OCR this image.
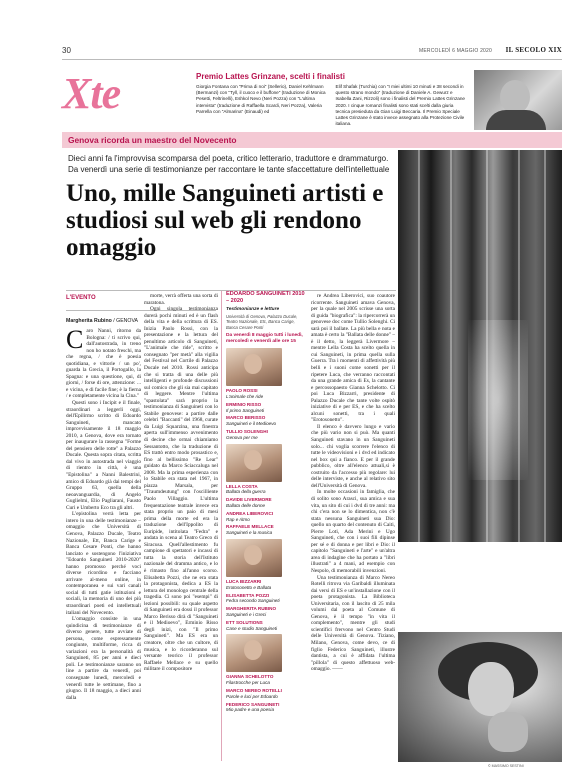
30	MERCOLEDÌ 6 MAGGIO 2020 IL SECOLO XIX
Xte	Premio Lattes Grinzane, scelti i finalisti
Giorgia Fontana con "Prima di noi" (Sellerio), Daniel Kehlmann (Bermanzi) con "Tyll, il cuoco e il buffone" (traduzione di Monica Pesetti, Feltrinelli), Eshkol Nevo (Neri Pozza) con "L'ultima intervista" (traduzione di Raffaella Scardi, Neri Pozza), Valeria Parrella con "Almarina" (Einaudi) ed
Elif Shafak (Turchia) con "I miei ultimi 10 minuti e 38 secondi in questo strano mondo" (traduzione di Daniele A. Gewurz e Isabella Zani, Rizzoli) sono i finalisti del Premio Lattes Grinzane 2020. I cinque romanzi finalisti sono stati scelti dalla giuria tecnica presieduta da Gian Luigi Beccaria. Il Premio Speciale Lattes Grinzane è stato invece assegnato alla Protezione Civile italiana.
Genova ricorda un maestro del Novecento
Dieci anni fa l'improvvisa scomparsa del poeta, critico letterario, traduttore e drammaturgo. Da venerdì una serie di testimonianze per raccontare le tante sfaccettature dell'intellettuale
Uno, mille Sanguineti artisti e studiosi sul web gli rendono omaggio
L'EVENTO
Margherita Rubino / GENOVA
C aro Nanni, ritorno da Bologna: / ti scrivo qui, dall'autostrada, in treno non ho notato freschi, ma che regna, / che è poesia quotidiana, e vittorie / un po', guarda la Grecia, il Portogallo, la Spagna: e una questione, qui, di giorni, / forse di ore, attenzione: ... e vicina, e di facile fine; è la fierna / e completamente vicina la Cina."

Questi sono i Incipit e il finale, straordinari a leggerli oggi, dell'Epilirmo scritto di Edoardo Sanguineti, mancato improvvisamente il 18 maggio 2010, a Genova, dove era tornato per inaugurare la rassegna "Forme del pensiero delle rotte" a Palazzo Ducale. Questa sopra citata, scritta dal vivo in autostrada nel viaggio di rientro in città, è una "Epistolina" a Nanni Balestrini, amico di Edoardo già dai tempi del Gruppo 63, quella della neoavanguardia, di Angelo Guglielmi, Elio Pagliarani, Fausto Curi e Umberto Eco tra gli altri.

L'epistolina verrà letta per intero in una delle testimonianze – omaggio che Università di Genova, Palazzo Ducale, Teatro Nazionale, Ett, Banca Carige e Banca Cesare Ponti, che hanno lanciato e sostengono l'iniziativa "Edoardo Sanguineti 2010-2020" hanno promosso perché voci diverse ricordino e facciano arrivare al-meno online, in contemporanea e sui vari canali social di tutti gatie istituzioni e sociali, la memoria di uno dei più straordinari poeti ed intellettuali italiani del Novecento.

L'omaggio consiste in una quindicina di testimonianze di diverso genere, tutte avviate di persona, come espressamente congiunte, multiforme, ricca di variazioni era la personalità di Sanguineti, 85 per anni e dieci poli. Le testimonianze saranno on line a partire da venerdì, poi consegnate lunedì, mercoledì e venerdì tutte le settimane, fino a giugno. Il 18 maggio, a dieci anni dalla

morte, verrà offerta una sorta di maratona.

Ogni singola testimonianza durerà pochi minuti ed è un flash della vita e della scrittura di ES. Inizia Paolo Rossi, con la presentazione e la lettura del penultimo articolo di Sanguineti, "L'animale che ride", scritto e consegnato "per metà" alla vigilia del Festival nel Cortile di Palazzo Ducale nel 2010. Rossi anticipa che si tratta di una delle più intelligenti e profonde discussioni sul comico che gli sia mai capitato di leggere. Mentre l'ultima "spastolata" sarà proprio la testimonianza di Sanguineti con lo Stabile genovese: a partire dalle celebri "Baccanti" del 1968, curate da Luigi Squarzina, una finestra aperta sull'immenso avvenimento di decine che ormai chiamiamo Sessantotto, che la traduzione di ES trattò entro modo prosastico e, fino al bellissimo "Re Lear" guidato da Marco Sciaccaluga nel 2008. Ma la prima esperienza con lo Stabile era stata nel 1967, in piazza Marsala, per "Traumdeutung" con l'oscilliente Paolo Villaggio. L'ultima frequentazione teatrale invece era stata proprio un paio di mesi prima della morte ed era la traduzione dell'Ippolito di Euripide, intitolata "Fedra" e andata in scena al Teatro Greco di Siracusa. Quell'allestimento fu campione di spettatori e incassi di tutta la storia dell'Istituto nazionale del dramma antico, e lo è rimasto fino all'anno scorso. Elisabetta Pozzi, che ne era stata la protagonista, dedica a ES la lettura del monologo centrale della tragedia. Ci sono poi "esempi" di lezioni possibili: su quale aspetto di Sanguineti era dossi il professor Marco Berisso dirà di "Sanguineti e il Medioevo", Erminio Risso degli inizi, con "Il primo Sanguineti". Ma ES era un creatore, oltre che un cultore, di musica, e lo ricorderanno sul versante teorico il professor Raffaele Mellace e su quello militare il compositore

EDOARDO SANGUINETI 2010 – 2020
Testimonianze e letture
Università di Genova, Palazzo Ducale, Teatro Nazionale, Etc, Banca Carige, Banca Cesare Ponti
Da venerdì 8 maggio tutti i lunedì, mercoledì e venerdì alle ore 15
PAOLO ROSSI
L'animale che ride
ERMINIO RISSO
Il primo Sanguineti
MARCO BERISSO
Sanguineti e il Medioevo
TULLIO SOLENGHI
Genova per me
LELLA COSTA
Ballata della guerra
DAVIDE LIVERMORE
Ballata delle donne
ANDREA LIBEROVICI
Rap e ritmo
RAFFAELE MELLACE
Sanguineti e la musica
LUCA BIZZARRI
Erotosonetto e Ballata
ELISABETTA POZZI
Fedra secondo Sanguineti
MARGHERITA RUBINO
Sanguineti e i Greci
ETT SOLUTIONS
Case e studio Sanguineti
GIANNA SCHELOTTO
Filastrocche per Luca
MARCO NEREO ROTELLI
Parole e luci per Edoardo
FEDERICO SANGUINETI
Mio padre e una poesia

re Andrea Liberovici, suo coautore ricorrente. Sanguineti amava Genova, per la quale nel 2005 scrisse una sorta di guida "biografica": la ripercorrerà un genovese doc come Tullio Solenghi. Ci sarà poi il ballate. La più bella e nota e amata è certo la "Ballata delle donne" – è il detto, la leggerà Livermore – mentre Lella Costa ha scelto quella in cui Sanguineti, in prima quella sulla Guerra. Tra i momenti di affettività più belli e i suoni come sonetti per il ripetere Luca, che verranno raccontati da una grande amica di Es, la cantante e percossopaesto Gianna Schelotto. Ci poi Luca Bizzarri, presidente di Palazzo Ducale che tante volte ospitò iniziative di e per ES, e che ha scelto alcuni sonetti, tra i quali "Erotosonetto".

Il elenco è davvero lungo e vario che più vario non si può. Ma quanti Sanguineti stavano in un Sanguineti solo... chi voglia scorrere l'elenco di tutte le videovisioni e i dvd ed indicato nel box qui a fianco. E per il grande pubblico, oltre all'elenco attuali,si è costruito da l'accesso più regolare: lui delle interviste, e anche al relativo sito dell'Università di Genova.

In molte occasioni in famiglia, che di solito sono Arasci, sua amica e sua vita, un sito di cui i dvd di tre anni: ma chi c'era non se lo dimentica, non c'è stata nessuna Sanguineti sua Dio: quello un quarto del contenuto di Caiti, Pierre Loti, Ada Merini e Ugo Sanguineti, che con i suoi fili dipinse per sé e di donna e per libri e Dio: il capitolo "Sanguineti e l'arte" e un'altra area di indagine che ha portato a "libri illustrati" a 4 mani, ad esempio con Nespolo, di memorabili invenzioni.

Una testimonianza di Marco Nereo Rotelli ritrova via Garibaldi illuminata dai versi di ES e un'installazione con il poeta protagonista. La Biblioteca Universitaria, con il lascito di 25 mila volumi dal poeta al Comune di Genova, è il tempo "in vita il complemento", mentre gli studi scientifici frervono nel Centro Studi delle Università di Genova. Tiziano, Milano, Genova, come devo, ce di figlio Federico Sanguineti, illustre dantista, a cui è affidata l'ultima "pillola" di questo affettuoso web-omaggio. ——

© MASSIMO SESTINI
